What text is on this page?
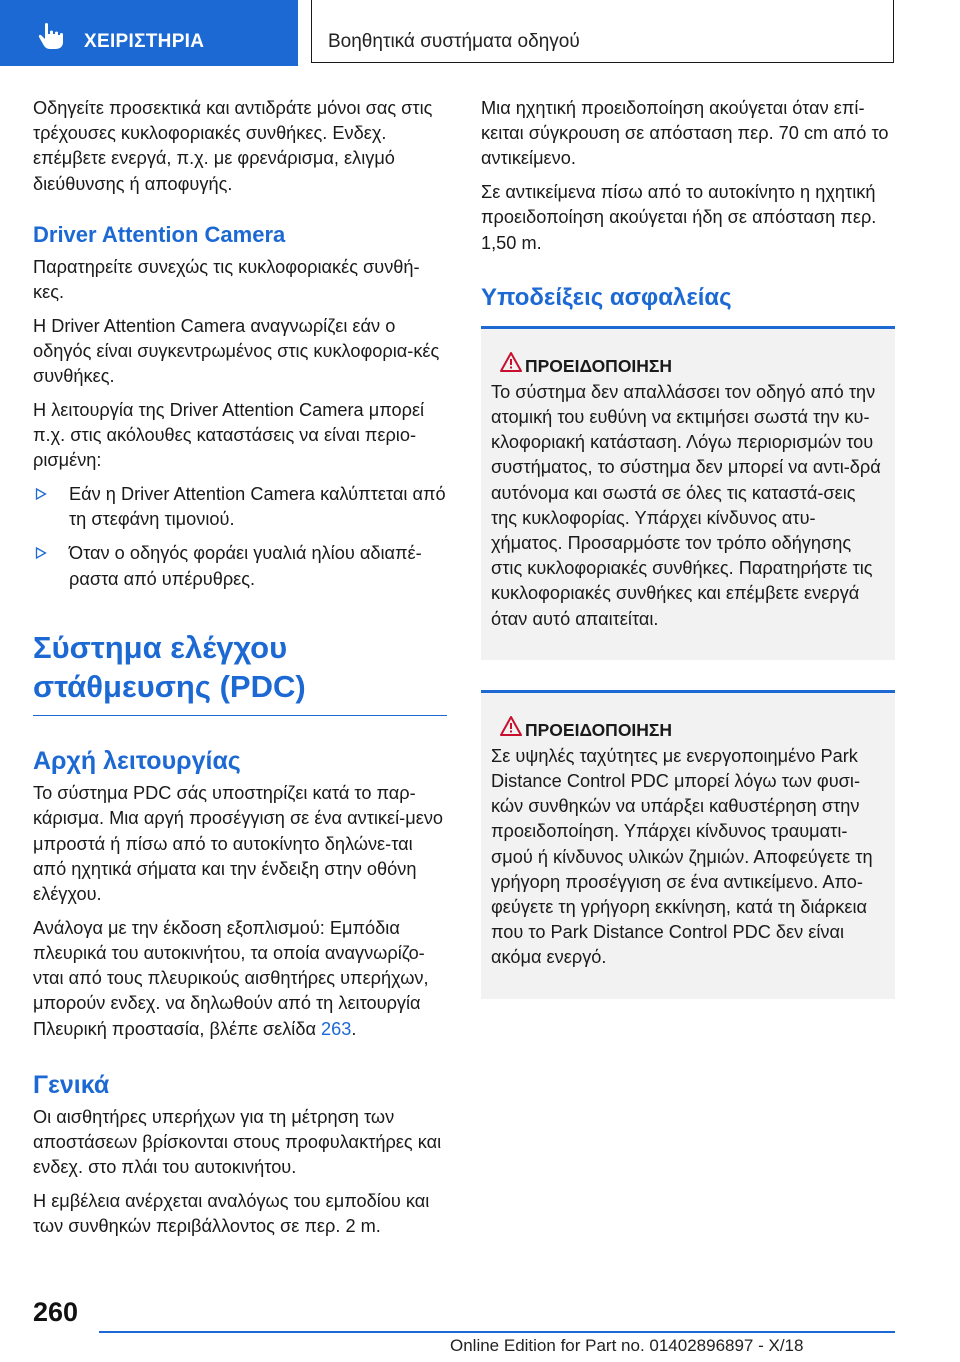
ΧΕΙΡΙΣΤΗΡΙΑ	Βοηθητικά συστήματα οδηγού

Οδηγείτε προσεκτικά και αντιδράτε μόνοι σας στις τρέχουσες κυκλοφοριακές συνθήκες. Ενδεχ. επέμβετε ενεργά, π.χ. με φρενάρισμα, ελιγμό διεύθυνσης ή αποφυγής.

Driver Attention Camera

Παρατηρείτε συνεχώς τις κυκλοφοριακές συνθή-κες.

Η Driver Attention Camera αναγνωρίζει εάν ο οδηγός είναι συγκεντρωμένος στις κυκλοφορια-κές συνθήκες.

Η λειτουργία της Driver Attention Camera μπορεί π.χ. στις ακόλουθες καταστάσεις να είναι περιο-ρισμένη:

Εάν η Driver Attention Camera καλύπτεται από τη στεφάνη τιμονιού.
Όταν ο οδηγός φοράει γυαλιά ηλίου αδιαπέ-ραστα από υπέρυθρες.
Σύστημα ελέγχου
στάθμευσης (PDC)
Αρχή λειτουργίας

Το σύστημα PDC σάς υποστηρίζει κατά το παρ-κάρισμα. Μια αργή προσέγγιση σε ένα αντικεί-μενο μπροστά ή πίσω από το αυτοκίνητο δηλώνε-ται από ηχητικά σήματα και την ένδειξη στην οθόνη ελέγχου.

Ανάλογα με την έκδοση εξοπλισμού: Εμπόδια πλευρικά του αυτοκινήτου, τα οποία αναγνωρίζο-νται από τους πλευρικούς αισθητήρες υπερήχων, μπορούν ενδεχ. να δηλωθούν από τη λειτουργία Πλευρική προστασία, βλέπε σελίδα 263.

Γενικά

Οι αισθητήρες υπερήχων για τη μέτρηση των αποστάσεων βρίσκονται στους προφυλακτήρες και ενδεχ. στο πλάι του αυτοκινήτου.

Η εμβέλεια ανέρχεται αναλόγως του εμποδίου και των συνθηκών περιβάλλοντος σε περ. 2 m.

Μια ηχητική προειδοποίηση ακούγεται όταν επί-κειται σύγκρουση σε απόσταση περ. 70 cm από το αντικείμενο.

Σε αντικείμενα πίσω από το αυτοκίνητο η ηχητική προειδοποίηση ακούγεται ήδη σε απόσταση περ. 1,50 m.

Υποδείξεις ασφαλείας
ΠΡΟΕΙΔΟΠΟΙΗΣΗ

Το σύστημα δεν απαλλάσσει τον οδηγό από την ατομική του ευθύνη να εκτιμήσει σωστά την κυ-κλοφοριακή κατάσταση. Λόγω περιορισμών του συστήματος, το σύστημα δεν μπορεί να αντι-δρά αυτόνομα και σωστά σε όλες τις καταστά-σεις της κυκλοφορίας. Υπάρχει κίνδυνος ατυ-χήματος. Προσαρμόστε τον τρόπο οδήγησης στις κυκλοφοριακές συνθήκες. Παρατηρήστε τις κυκλοφοριακές συνθήκες και επέμβετε ενεργά όταν αυτό απαιτείται.

ΠΡΟΕΙΔΟΠΟΙΗΣΗ

Σε υψηλές ταχύτητες με ενεργοποιημένο Park Distance Control PDC μπορεί λόγω των φυσι-κών συνθηκών να υπάρξει καθυστέρηση στην προειδοποίηση. Υπάρχει κίνδυνος τραυματι-σμού ή κίνδυνος υλικών ζημιών. Αποφεύγετε τη γρήγορη προσέγγιση σε ένα αντικείμενο. Απο-φεύγετε τη γρήγορη εκκίνηση, κατά τη διάρκεια που το Park Distance Control PDC δεν είναι ακόμα ενεργό.

260
Online Edition for Part no. 01402896897 - X/18
